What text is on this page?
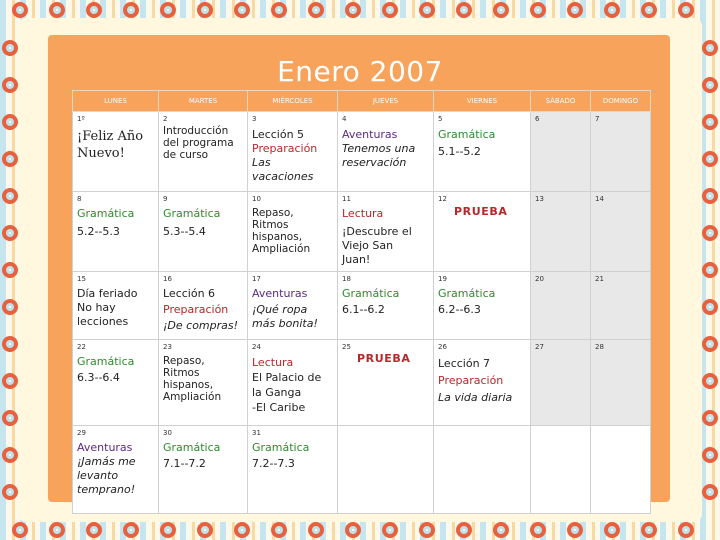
Enero 2007
LUNES	MARTES	MIÉRCOLES	JUEVES	VIERNES	SÁBADO	DOMINGO

1º
¡Feliz Año
Nuevo!	2
Introducción
del programa
de curso	3
Lección 5
Preparación
Las
vacaciones	4
Aventuras
Tenemos una
reservación	5
Gramática
5.1--5.2	6	7

8
Gramática
5.2--5.3	9
Gramática
5.3--5.4	10
Repaso,
Ritmos
hispanos,
Ampliación	11
Lectura
¡Descubre el
Viejo San
Juan!	12
PRUEBA	13	14

15
Día feriado
No hay
lecciones	16
Lección 6
Preparación
¡De compras!	17
Aventuras
¡Qué ropa
más bonita!	18
Gramática
6.1--6.2	19
Gramática
6.2--6.3	20	21

22
Gramática
6.3--6.4	23
Repaso,
Ritmos
hispanos,
Ampliación	24
Lectura
El Palacio de
la Ganga
-El Caribe	25
PRUEBA	26
Lección 7
Preparación
La vida diaria	27	28

29
Aventuras
¡Jamás me
levanto
temprano!	30
Gramática
7.1--7.2	31
Gramática
7.2--7.3				
